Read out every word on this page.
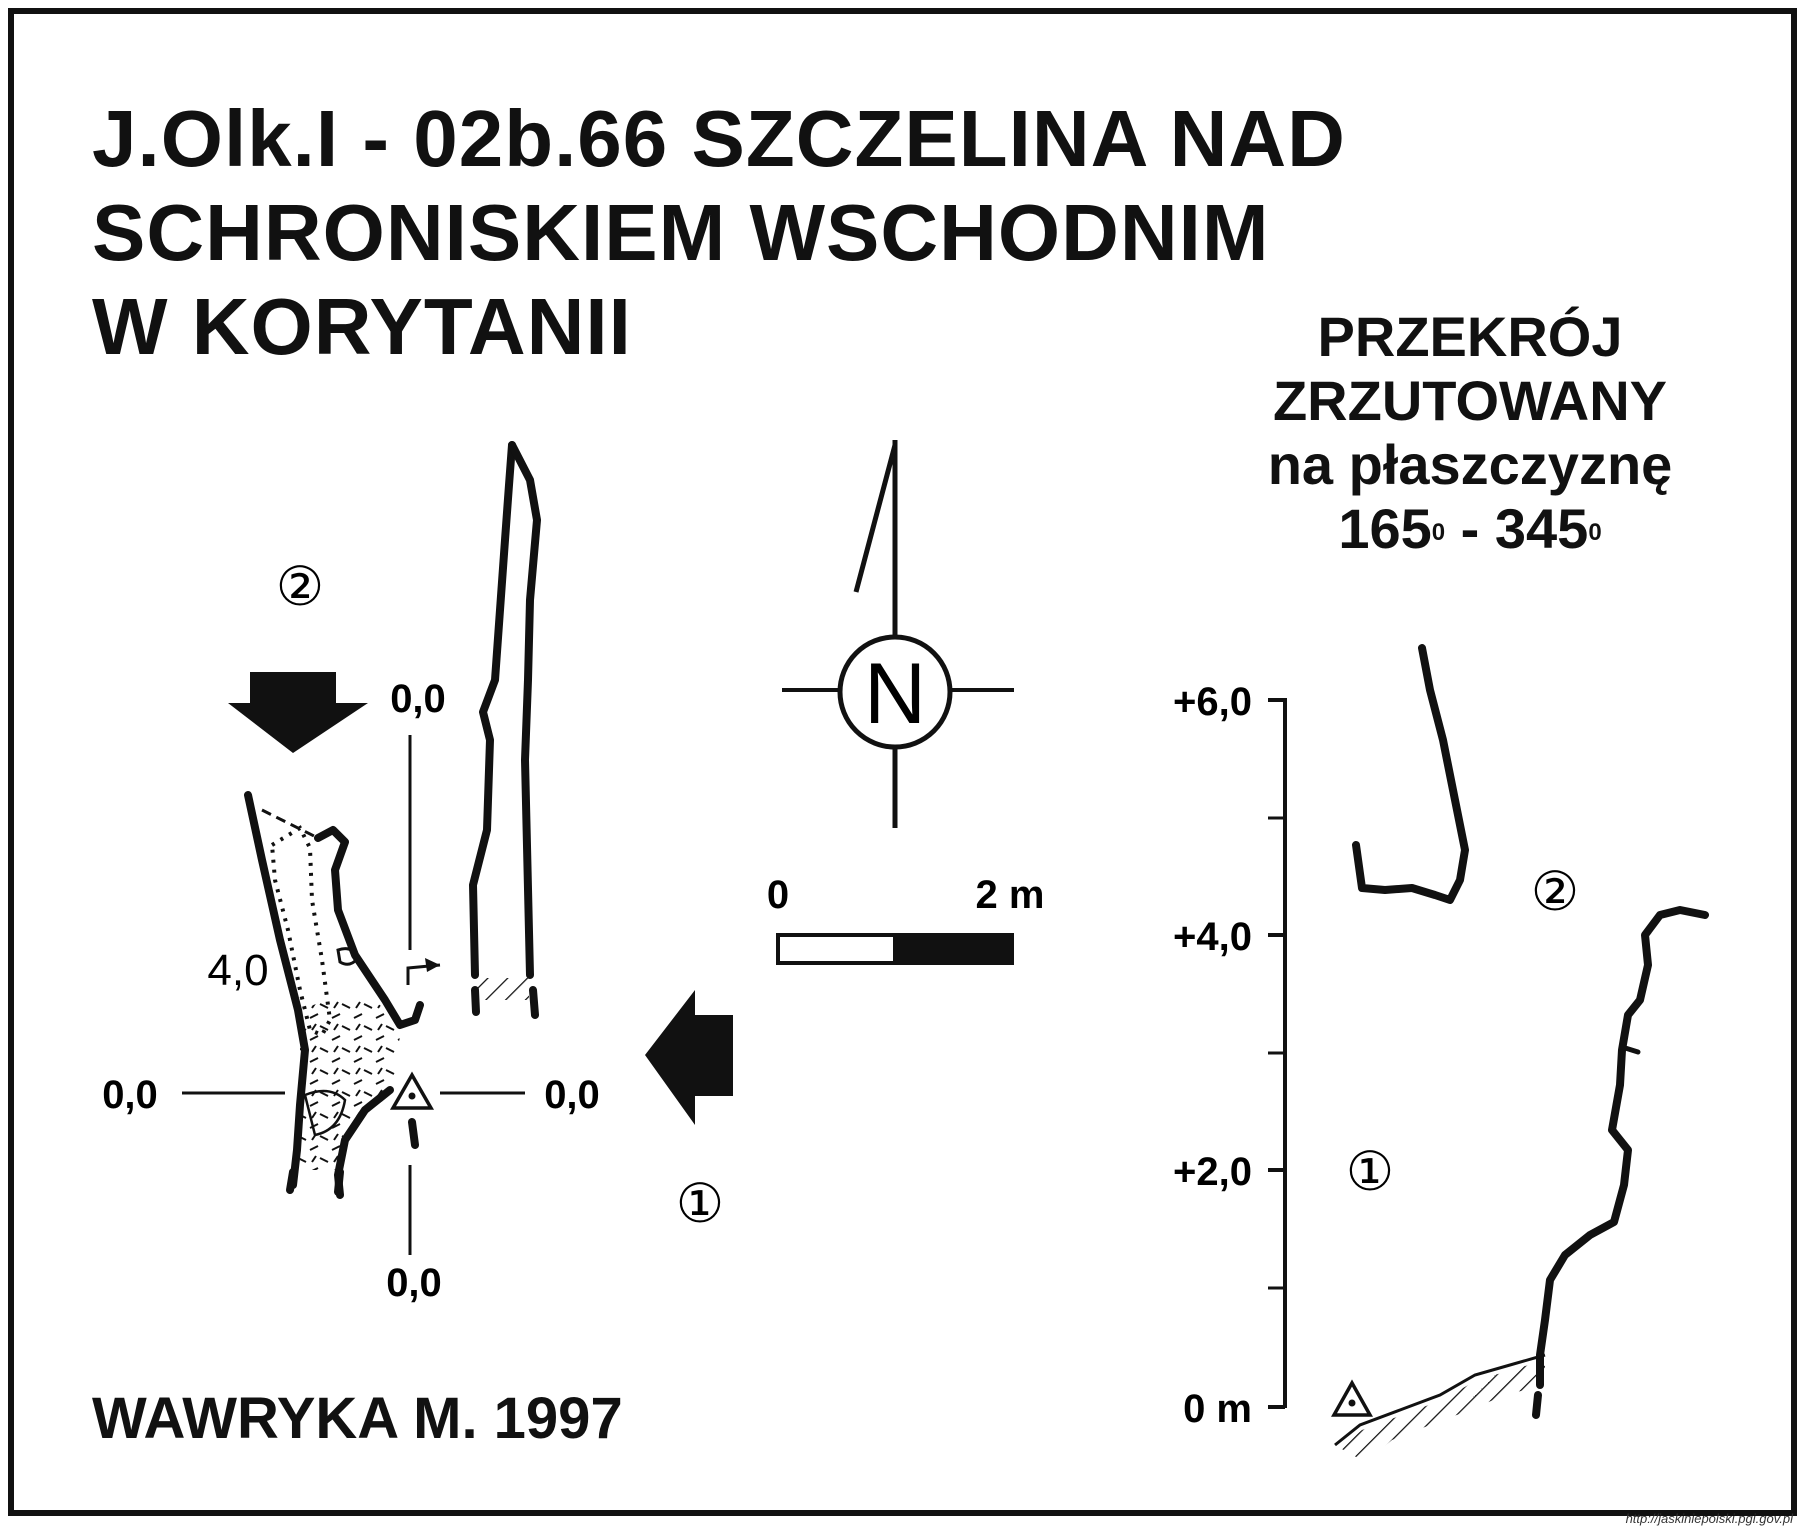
J.Olk.I - 02b.66 SZCZELINA NAD
SCHRONISKIEM WSCHODNIM
W KORYTANII	PRZEKRÓJ
ZRZUTOWANY
na płaszczyznę
$165^0 - 345^0$
②
①
0,0
0,0	0,0
0,0
4,0
N
0	2 m
+6,0
+4,0
+2,0
0 m
②
①
WAWRYKA M. 1997
http://jaskiniepolski.pgi.gov.pl
